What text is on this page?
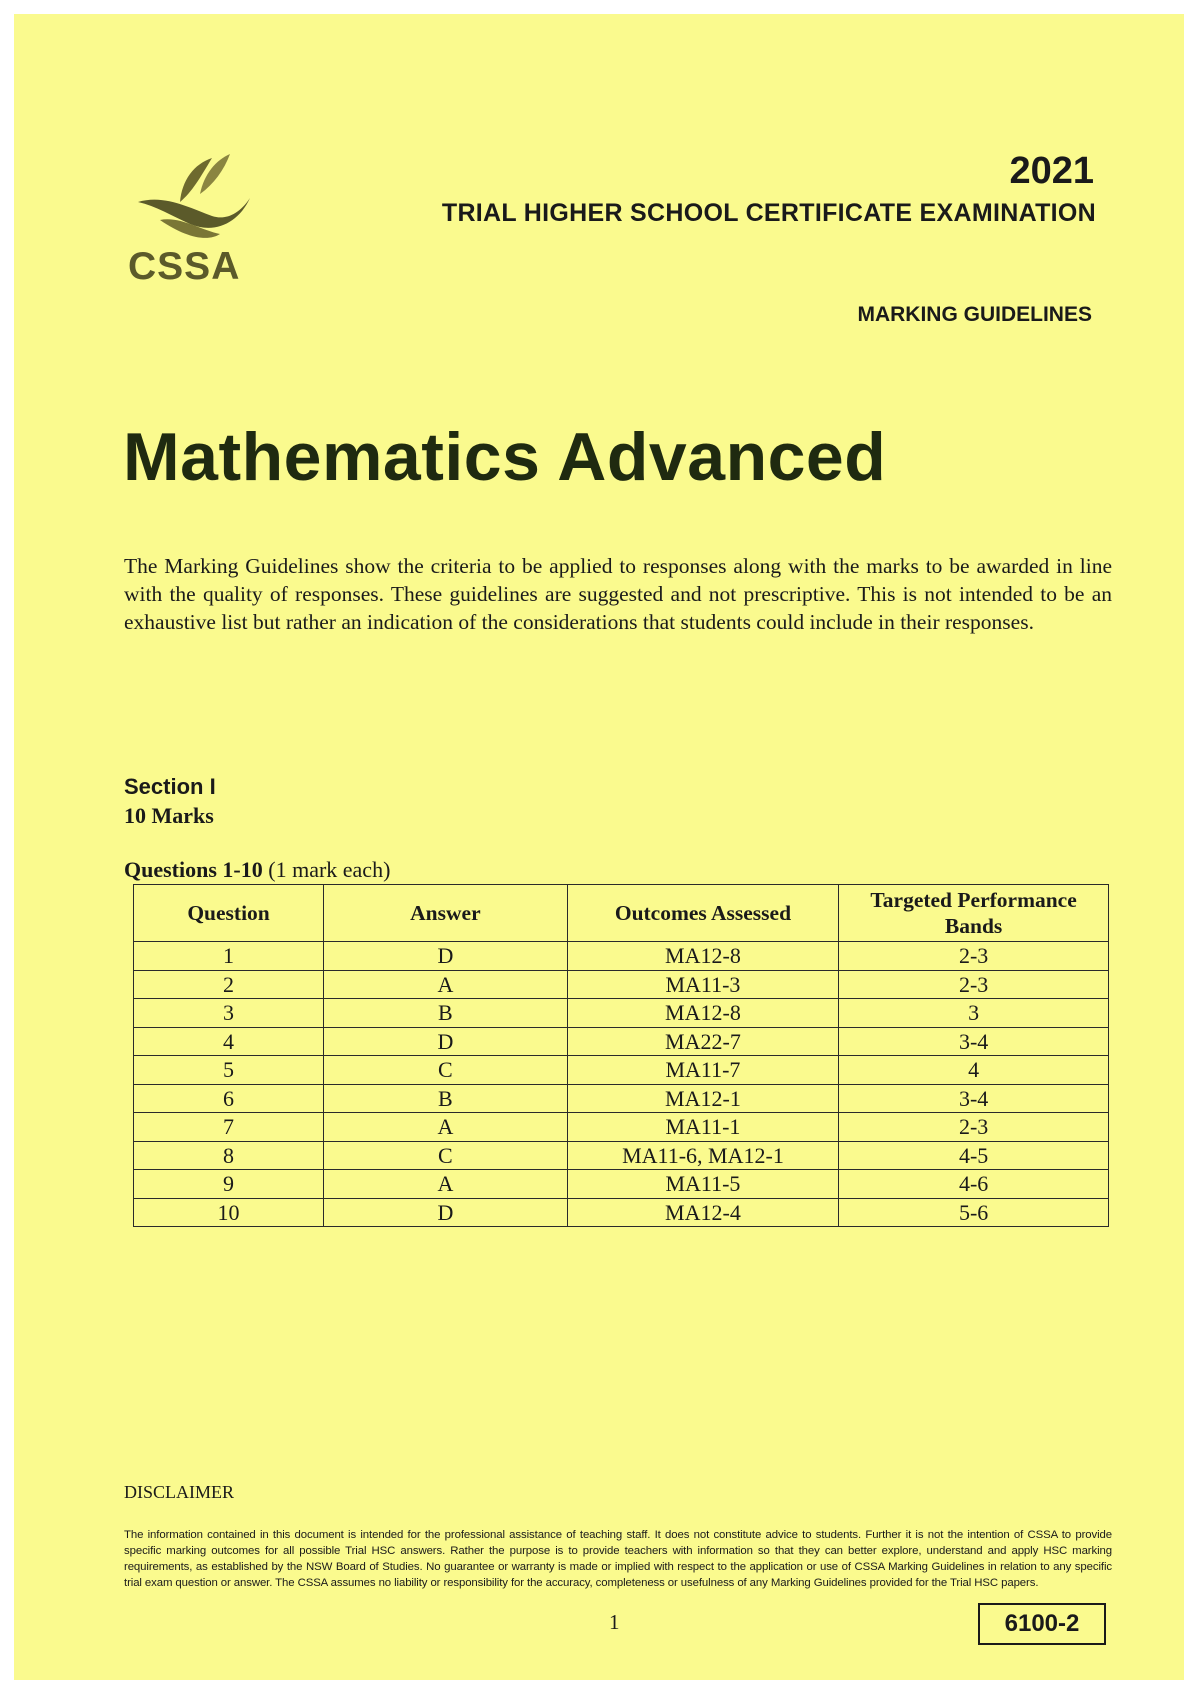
CSSA
2021
TRIAL HIGHER SCHOOL CERTIFICATE EXAMINATION
MARKING GUIDELINES
Mathematics Advanced
The Marking Guidelines show the criteria to be applied to responses along with the marks to be awarded in line with the quality of responses. These guidelines are suggested and not prescriptive. This is not intended to be an exhaustive list but rather an indication of the considerations that students could include in their responses.
Section I
10 Marks
Questions 1-10 (1 mark each)
Question	Answer	Outcomes Assessed	Targeted Performance Bands
1	D	MA12-8	2-3
2	A	MA11-3	2-3
3	B	MA12-8	3
4	D	MA22-7	3-4
5	C	MA11-7	4
6	B	MA12-1	3-4
7	A	MA11-1	2-3
8	C	MA11-6, MA12-1	4-5
9	A	MA11-5	4-6
10	D	MA12-4	5-6
DISCLAIMER
The information contained in this document is intended for the professional assistance of teaching staff. It does not constitute advice to students. Further it is not the intention of CSSA to provide specific marking outcomes for all possible Trial HSC answers. Rather the purpose is to provide teachers with information so that they can better explore, understand and apply HSC marking requirements, as established by the NSW Board of Studies. No guarantee or warranty is made or implied with respect to the application or use of CSSA Marking Guidelines in relation to any specific trial exam question or answer. The CSSA assumes no liability or responsibility for the accuracy, completeness or usefulness of any Marking Guidelines provided for the Trial HSC papers.
1	6100-2
